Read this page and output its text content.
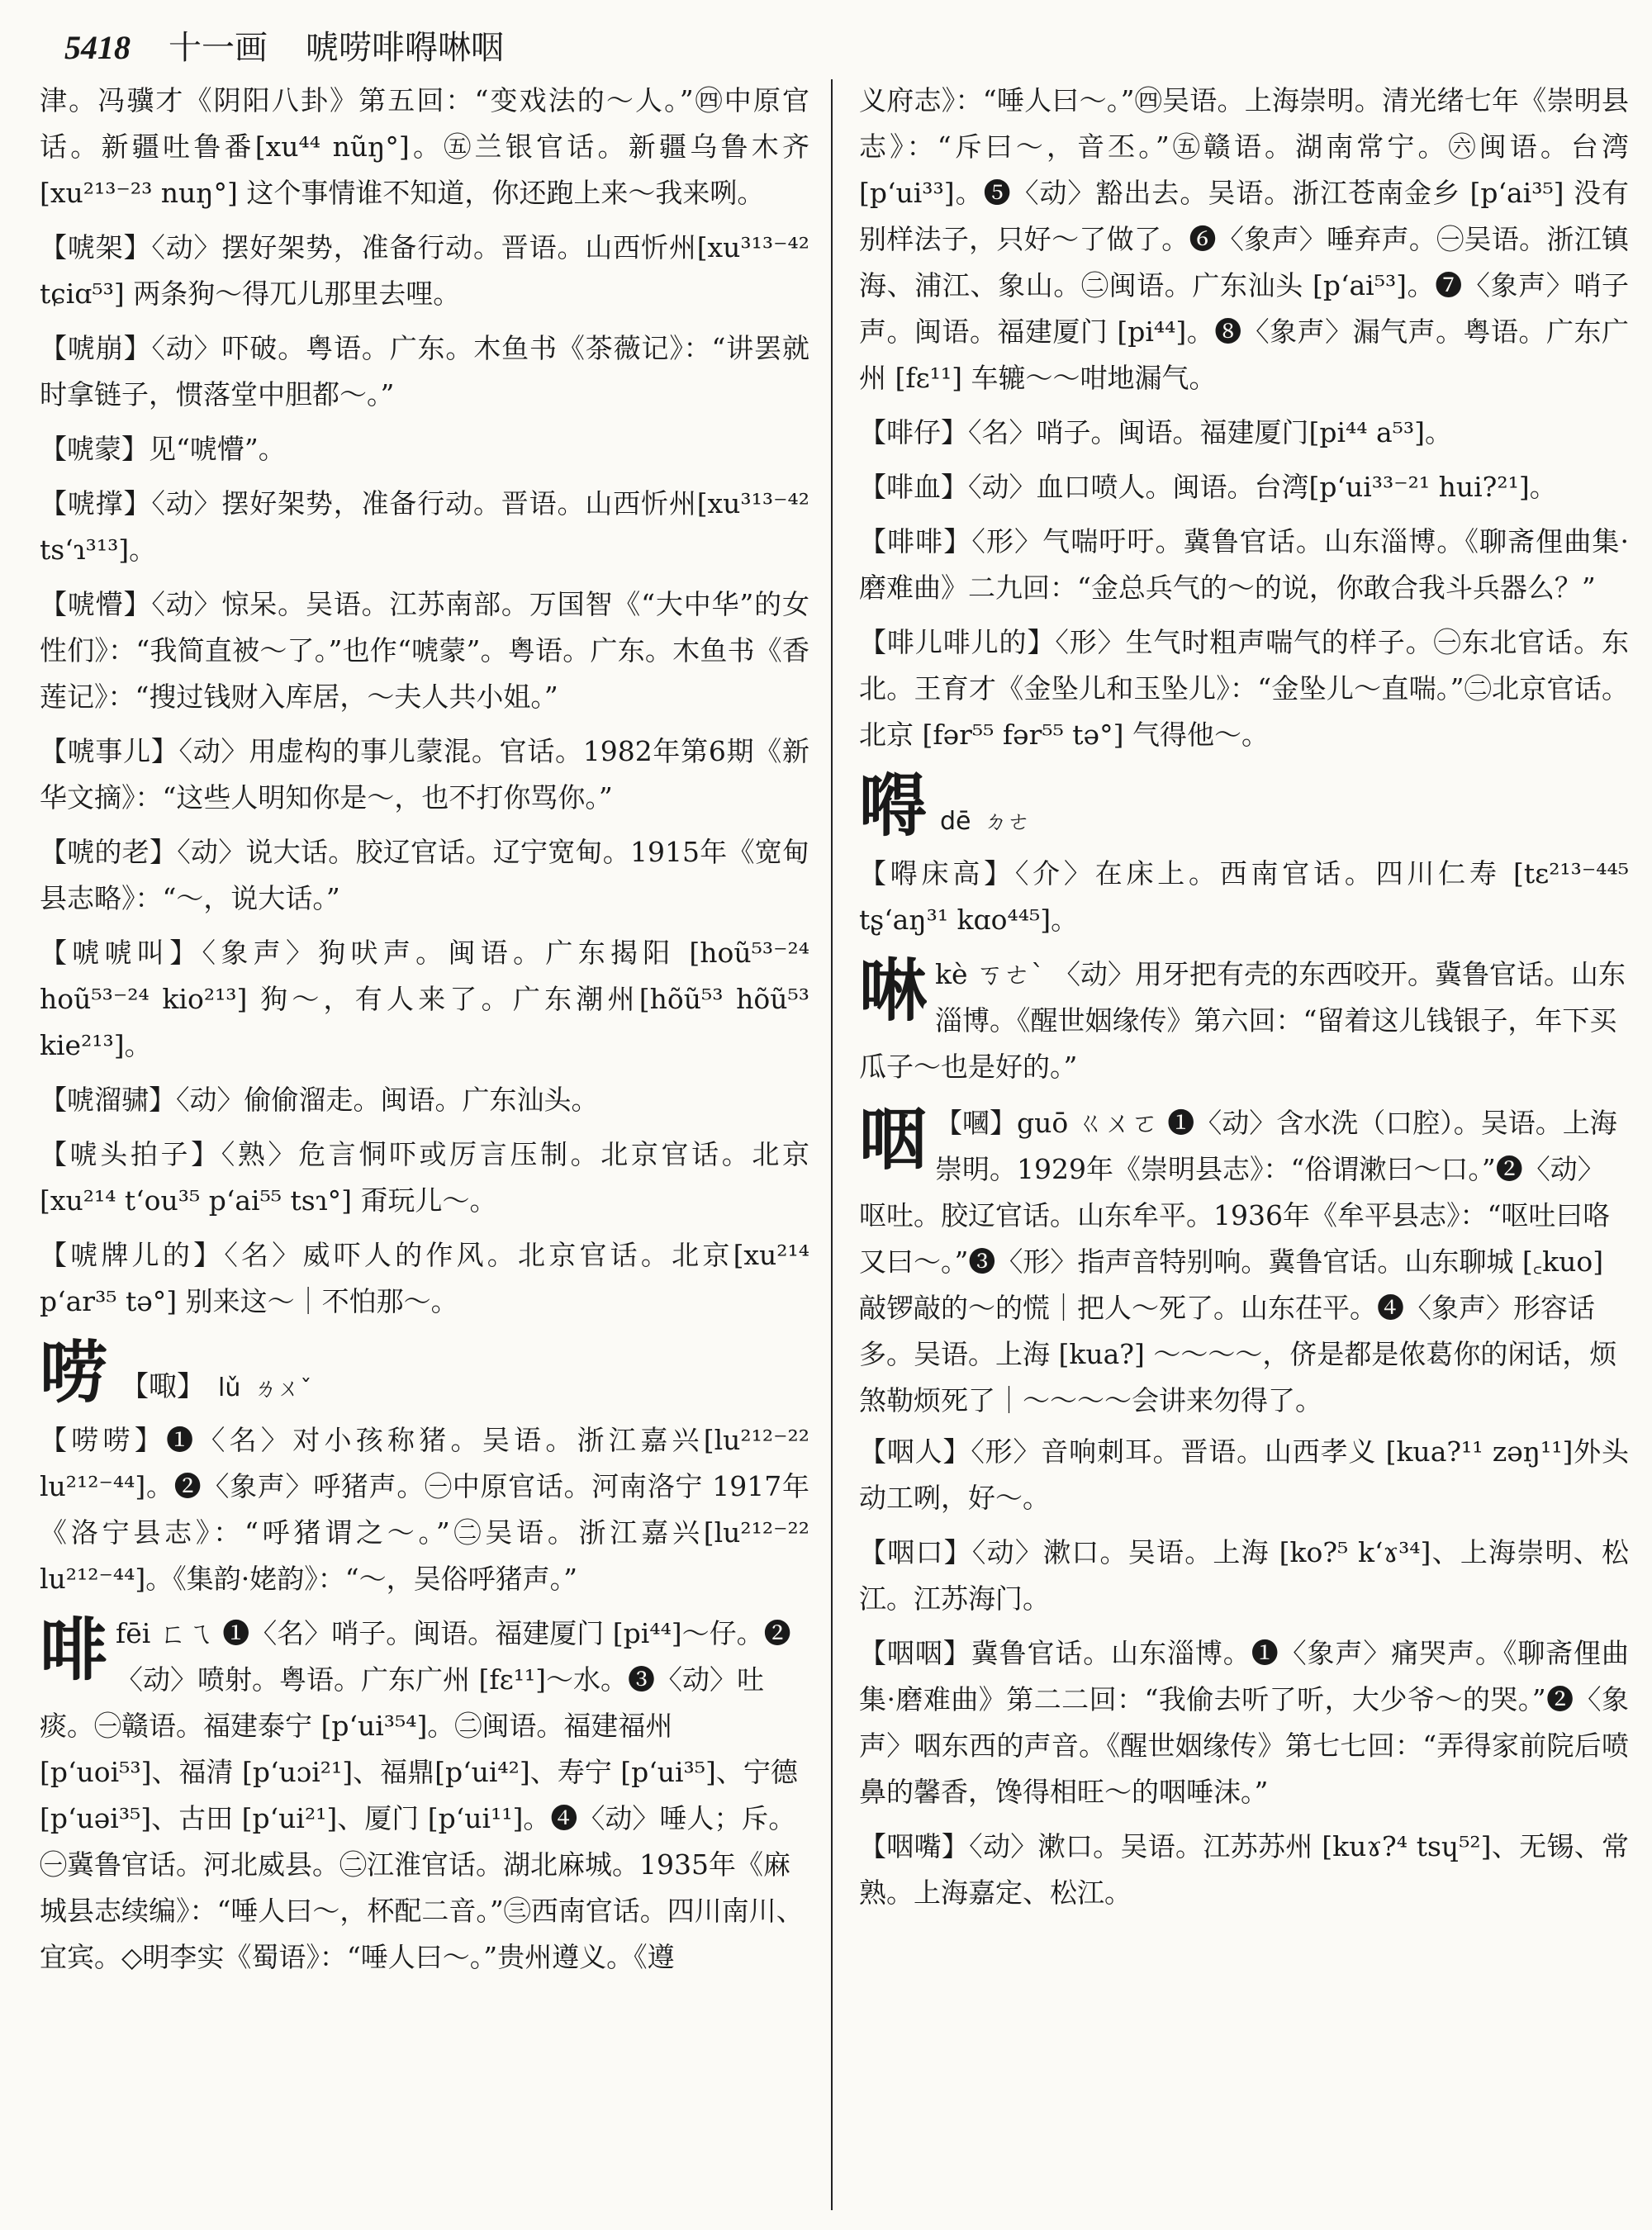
5418 十一画 唬唠啡嘚啉咽

津。冯骥才《阴阳八卦》第五回：“变戏法的～人。”㊃中原官话。新疆吐鲁番[xu⁴⁴ nũŋ°]。㊄兰银官话。新疆乌鲁木齐 [xu²¹³⁻²³ nuŋ°] 这个事情谁不知道，你还跑上来～我来咧。

【唬架】〈动〉摆好架势，准备行动。晋语。山西忻州[xu³¹³⁻⁴² tɕiɑ⁵³] 两条狗～得兀儿那里去哩。

【唬崩】〈动〉吓破。粤语。广东。木鱼书《茶薇记》：“讲罢就时拿链子，惯落堂中胆都～。”

【唬蒙】见“唬懵”。

【唬撑】〈动〉摆好架势，准备行动。晋语。山西忻州[xu³¹³⁻⁴² tsʻɿ³¹³]。

【唬懵】〈动〉惊呆。吴语。江苏南部。万国智《“大中华”的女性们》：“我简直被～了。”也作“唬蒙”。粤语。广东。木鱼书《香莲记》：“搜过钱财入库居，～夫人共小姐。”

【唬事儿】〈动〉用虚构的事儿蒙混。官话。1982年第6期《新华文摘》：“这些人明知你是～，也不打你骂你。”

【唬的老】〈动〉说大话。胶辽官话。辽宁宽甸。1915年《宽甸县志略》：“～，说大话。”

【唬唬叫】〈象声〉狗吠声。闽语。广东揭阳 [hoũ⁵³⁻²⁴ hoũ⁵³⁻²⁴ kio²¹³] 狗～，有人来了。广东潮州[hõũ⁵³ hõũ⁵³ kie²¹³]。

【唬溜骕】〈动〉偷偷溜走。闽语。广东汕头。

【唬头拍子】〈熟〉危言恫吓或厉言压制。北京官话。北京 [xu²¹⁴ tʻou³⁵ pʻai⁵⁵ tsɿ°] 甭玩儿～。

【唬牌儿的】〈名〉威吓人的作风。北京官话。北京[xu²¹⁴ pʻar³⁵ tə°] 别来这～｜不怕那～。

唠 【㖩】 lǔ ㄌㄨˇ

【唠唠】❶〈名〉对小孩称猪。吴语。浙江嘉兴[lu²¹²⁻²² lu²¹²⁻⁴⁴]。❷〈象声〉呼猪声。㊀中原官话。河南洛宁 1917年《洛宁县志》：“呼猪谓之～。”㊁吴语。浙江嘉兴[lu²¹²⁻²² lu²¹²⁻⁴⁴]。《集韵·姥韵》：“～，吴俗呼猪声。”

啡 fēi ㄈㄟ ❶〈名〉哨子。闽语。福建厦门 [pi⁴⁴]～仔。❷〈动〉喷射。粤语。广东广州 [fɛ¹¹]～水。❸〈动〉吐痰。㊀赣语。福建泰宁 [pʻui³⁵⁴]。㊁闽语。福建福州[pʻuoi⁵³]、福清 [pʻuɔi²¹]、福鼎[pʻui⁴²]、寿宁 [pʻui³⁵]、宁德 [pʻuəi³⁵]、古田 [pʻui²¹]、厦门 [pʻui¹¹]。❹〈动〉唾人；斥。㊀冀鲁官话。河北威县。㊁江淮官话。湖北麻城。1935年《麻城县志续编》：“唾人曰～，杯配二音。”㊂西南官话。四川南川、宜宾。◇明李实《蜀语》：“唾人曰～。”贵州遵义。《遵

义府志》：“唾人曰～。”㊃吴语。上海崇明。清光绪七年《崇明县志》：“斥曰～，音丕。”㊄赣语。湖南常宁。㊅闽语。台湾 [pʻui³³]。❺〈动〉豁出去。吴语。浙江苍南金乡 [pʻai³⁵] 没有别样法子，只好～了做了。❻〈象声〉唾弃声。㊀吴语。浙江镇海、浦江、象山。㊁闽语。广东汕头 [pʻai⁵³]。❼〈象声〉哨子声。闽语。福建厦门 [pi⁴⁴]。❽〈象声〉漏气声。粤语。广东广州 [fɛ¹¹] 车辘～～咁地漏气。

【啡仔】〈名〉哨子。闽语。福建厦门[pi⁴⁴ a⁵³]。

【啡血】〈动〉血口喷人。闽语。台湾[pʻui³³⁻²¹ hui?²¹]。

【啡啡】〈形〉气喘吁吁。冀鲁官话。山东淄博。《聊斋俚曲集·磨难曲》二九回：“金总兵气的～的说，你敢合我斗兵器么？”

【啡儿啡儿的】〈形〉生气时粗声喘气的样子。㊀东北官话。东北。王育才《金坠儿和玉坠儿》：“金坠儿～直喘。”㊁北京官话。北京 [fər⁵⁵ fər⁵⁵ tə°] 气得他～。

嘚 dē ㄉㄜ

【嘚床高】〈介〉在床上。西南官话。四川仁寿 [tɛ²¹³⁻⁴⁴⁵ tʂʻaŋ³¹ kɑo⁴⁴⁵]。

啉 kè ㄎㄜˋ 〈动〉用牙把有壳的东西咬开。冀鲁官话。山东淄博。《醒世姻缘传》第六回：“留着这儿钱银子，年下买瓜子～也是好的。”
咽 【嘓】guō ㄍㄨㄛ ❶〈动〉含水洗（口腔）。吴语。上海崇明。1929年《崇明县志》：“俗谓漱曰～口。”❷〈动〉呕吐。胶辽官话。山东牟平。1936年《牟平县志》：“呕吐曰咯又曰～。”❸〈形〉指声音特别响。冀鲁官话。山东聊城 [꜀kuo] 敲锣敲的～的慌｜把人～死了。山东茌平。❹〈象声〉形容话多。吴语。上海 [kua?] ～～～～，侪是都是侬葛你的闲话，烦煞勒烦死了｜～～～～会讲来勿得了。

【咽人】〈形〉音响刺耳。晋语。山西孝义 [kua?¹¹ zəŋ¹¹]外头动工咧，好～。

【咽口】〈动〉漱口。吴语。上海 [ko?⁵ kʻɤ³⁴]、上海崇明、松江。江苏海门。

【咽咽】冀鲁官话。山东淄博。❶〈象声〉痛哭声。《聊斋俚曲集·磨难曲》第二二回：“我偷去听了听，大少爷～的哭。”❷〈象声〉咽东西的声音。《醒世姻缘传》第七七回：“弄得家前院后喷鼻的馨香，馋得相旺～的咽唾沫。”

【咽嘴】〈动〉漱口。吴语。江苏苏州 [kuɤ?⁴ tsɥ⁵²]、无锡、常熟。上海嘉定、松江。
